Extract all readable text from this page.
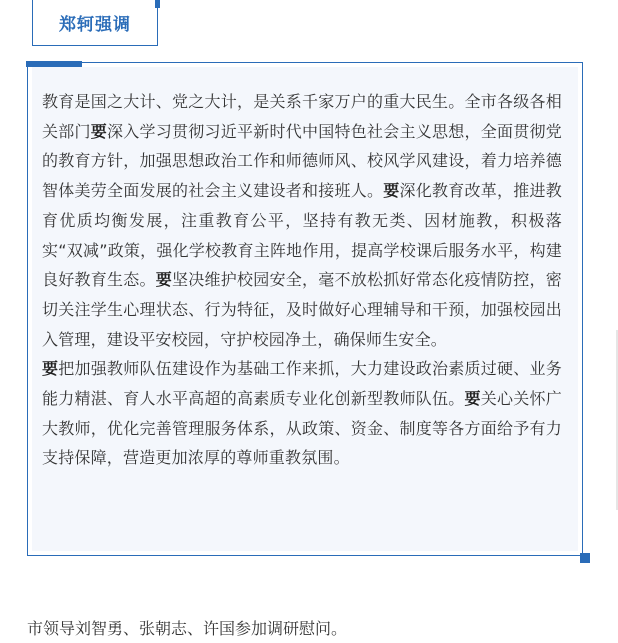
郑轲强调

教育是国之大计、党之大计，是关系千家万户的重大民生。全市各级各相关部门要深入学习贯彻习近平新时代中国特色社会主义思想，全面贯彻党的教育方针，加强思想政治工作和师德师风、校风学风建设，着力培养德智体美劳全面发展的社会主义建设者和接班人。要深化教育改革，推进教育优质均衡发展，注重教育公平，坚持有教无类、因材施教，积极落实“双减”政策，强化学校教育主阵地作用，提高学校课后服务水平，构建良好教育生态。要坚决维护校园安全，毫不放松抓好常态化疫情防控，密切关注学生心理状态、行为特征，及时做好心理辅导和干预，加强校园出入管理，建设平安校园，守护校园净土，确保师生安全。
要把加强教师队伍建设作为基础工作来抓，大力建设政治素质过硬、业务能力精湛、育人水平高超的高素质专业化创新型教师队伍。要关心关怀广大教师，优化完善管理服务体系，从政策、资金、制度等各方面给予有力支持保障，营造更加浓厚的尊师重教氛围。

市领导刘智勇、张朝志、许国参加调研慰问。
